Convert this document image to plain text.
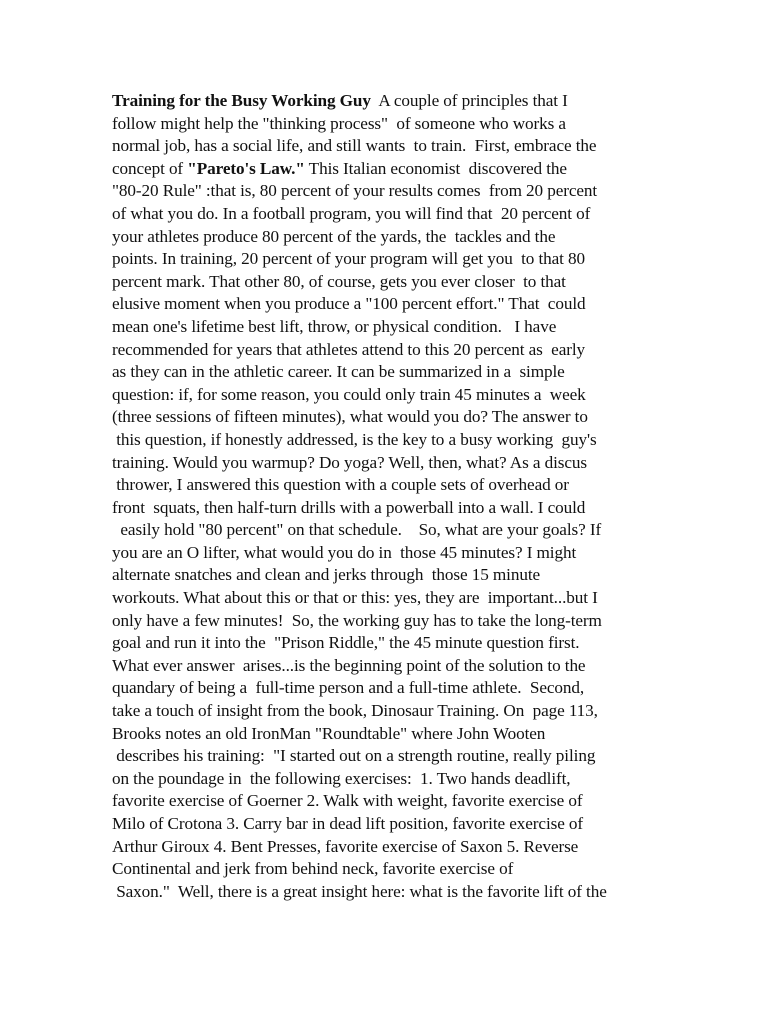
Training for the Busy Working Guy  A couple of principles that I
follow might help the "thinking process"  of someone who works a
normal job, has a social life, and still wants  to train.  First, embrace the
concept of "Pareto's Law." This Italian economist  discovered the
"80-20 Rule" :that is, 80 percent of your results comes  from 20 percent
of what you do. In a football program, you will find that  20 percent of
your athletes produce 80 percent of the yards, the  tackles and the
points. In training, 20 percent of your program will get you  to that 80
percent mark. That other 80, of course, gets you ever closer  to that
elusive moment when you produce a "100 percent effort." That  could
mean one's lifetime best lift, throw, or physical condition.   I have
recommended for years that athletes attend to this 20 percent as  early
as they can in the athletic career. It can be summarized in a  simple
question: if, for some reason, you could only train 45 minutes a  week
(three sessions of fifteen minutes), what would you do? The answer to
this question, if honestly addressed, is the key to a busy working  guy's
training. Would you warmup? Do yoga? Well, then, what? As a discus
thrower, I answered this question with a couple sets of overhead or
front  squats, then half-turn drills with a powerball into a wall. I could
easily hold "80 percent" on that schedule.    So, what are your goals? If
you are an O lifter, what would you do in  those 45 minutes? I might
alternate snatches and clean and jerks through  those 15 minute
workouts. What about this or that or this: yes, they are  important...but I
only have a few minutes!  So, the working guy has to take the long-term
goal and run it into the  "Prison Riddle," the 45 minute question first.
What ever answer  arises...is the beginning point of the solution to the
quandary of being a  full-time person and a full-time athlete.  Second,
take a touch of insight from the book, Dinosaur Training. On  page 113,
Brooks notes an old IronMan "Roundtable" where John Wooten
describes his training:  "I started out on a strength routine, really piling
on the poundage in  the following exercises:  1. Two hands deadlift,
favorite exercise of Goerner 2. Walk with weight, favorite exercise of
Milo of Crotona 3. Carry bar in dead lift position, favorite exercise of
Arthur Giroux 4. Bent Presses, favorite exercise of Saxon 5. Reverse
Continental and jerk from behind neck, favorite exercise of
Saxon."  Well, there is a great insight here: what is the favorite lift of the
